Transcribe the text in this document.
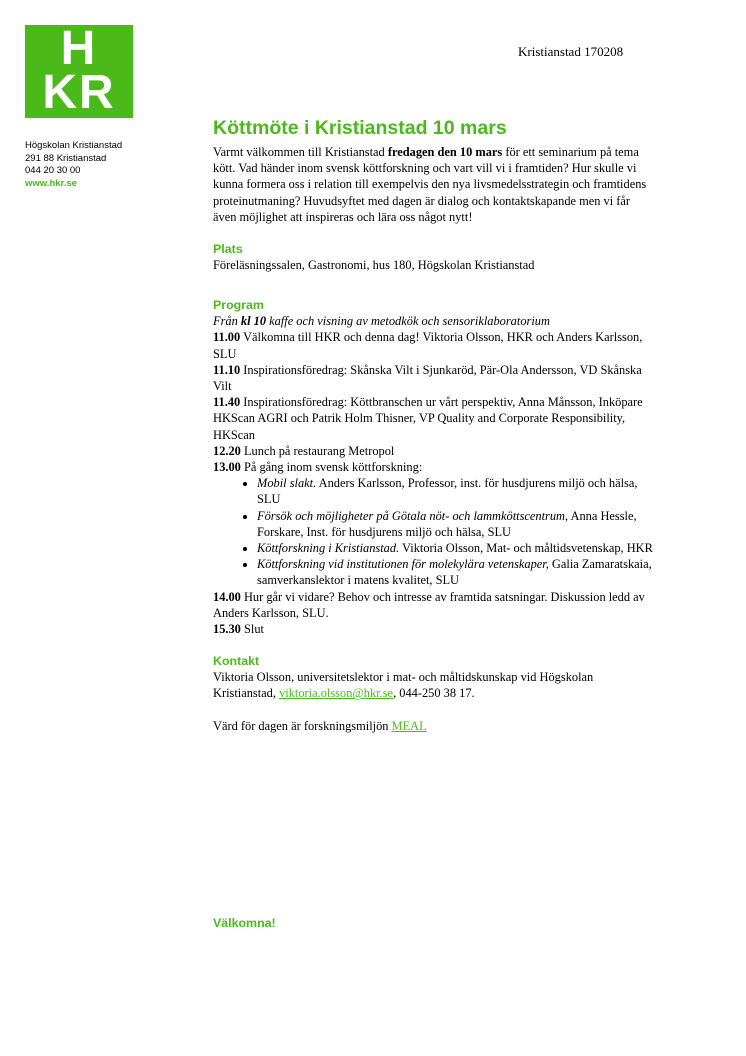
H
KR
Högskolan Kristianstad
291 88 Kristianstad
044 20 30 00
www.hkr.se
Kristianstad 170208
Köttmöte i Kristianstad 10 mars

Varmt välkommen till Kristianstad fredagen den 10 mars för ett seminarium på tema kött. Vad händer inom svensk köttforskning och vart vill vi i framtiden? Hur skulle vi kunna formera oss i relation till exempelvis den nya livsmedelsstrategin och framtidens proteinutmaning? Huvudsyftet med dagen är dialog och kontaktskapande men vi får även möjlighet att inspireras och lära oss något nytt!

Plats

Föreläsningssalen, Gastronomi, hus 180, Högskolan Kristianstad

Program

Från kl 10 kaffe och visning av metodkök och sensoriklaboratorium

11.00 Välkomna till HKR och denna dag! Viktoria Olsson, HKR och Anders Karlsson, SLU

11.10 Inspirationsföredrag: Skånska Vilt i Sjunkaröd, Pär-Ola Andersson, VD Skånska Vilt

11.40 Inspirationsföredrag: Köttbranschen ur vårt perspektiv, Anna Månsson, Inköpare HKScan AGRI och Patrik Holm Thisner, VP Quality and Corporate Responsibility, HKScan

12.20 Lunch på restaurang Metropol

13.00 På gång inom svensk köttforskning:

• Mobil slakt. Anders Karlsson, Professor, inst. för husdjurens miljö och hälsa, SLU
• Försök och möjligheter på Götala nöt- och lammköttscentrum, Anna Hessle, Forskare, Inst. för husdjurens miljö och hälsa, SLU
• Köttforskning i Kristianstad. Viktoria Olsson, Mat- och måltidsvetenskap, HKR
• Köttforskning vid institutionen för molekylära vetenskaper, Galia Zamaratskaia, samverkanslektor i matens kvalitet, SLU

14.00 Hur går vi vidare? Behov och intresse av framtida satsningar. Diskussion ledd av Anders Karlsson, SLU.

15.30 Slut

Kontakt

Viktoria Olsson, universitetslektor i mat- och måltidskunskap vid Högskolan Kristianstad, viktoria.olsson@hkr.se, 044-250 38 17.

Värd för dagen är forskningsmiljön MEAL

Välkomna!
